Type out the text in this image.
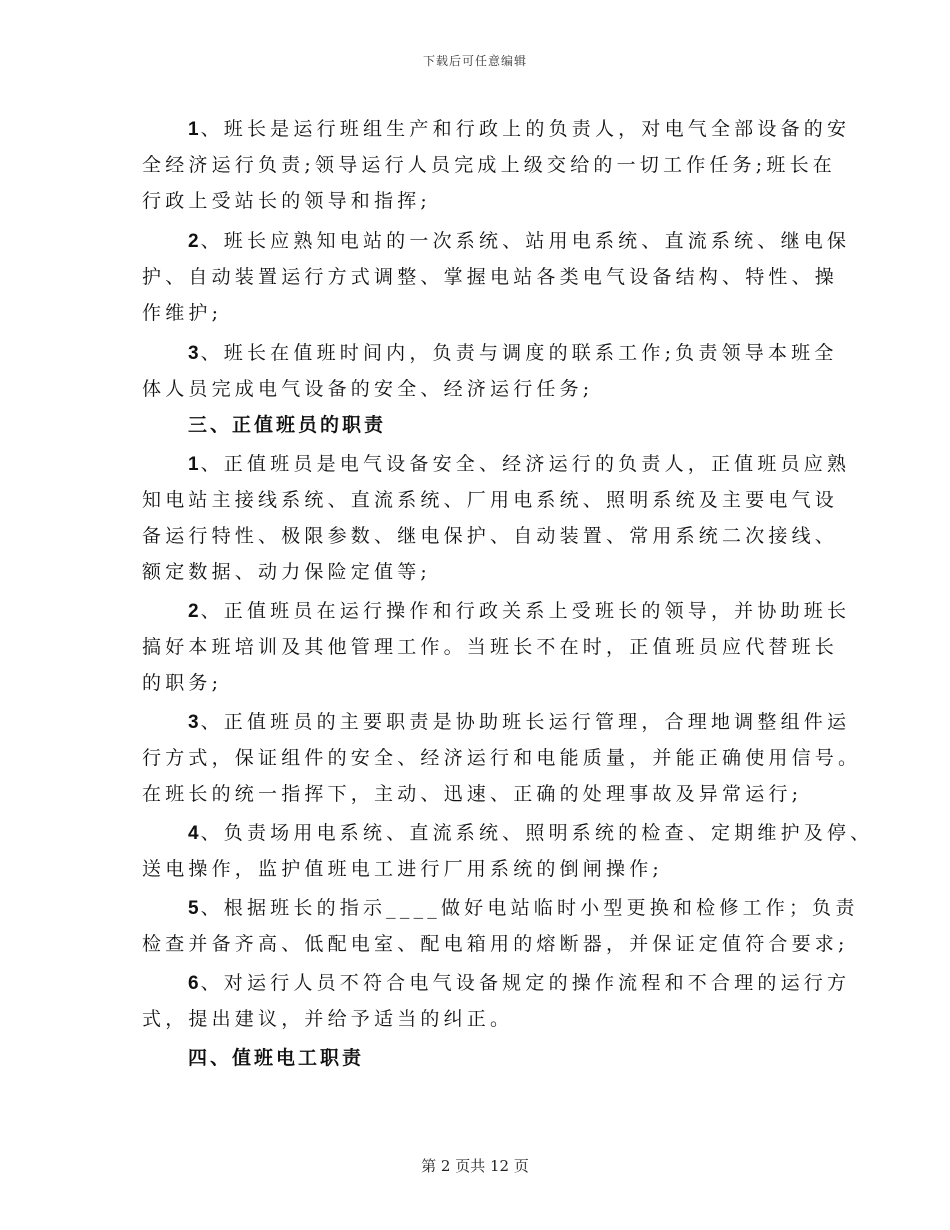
下载后可任意编辑
1 、班长是运行班组生产和行政上的负责人，对电气全部设备的安
全经济运行负责;领导运行人员完成上级交给的一切工作任务;班长在
行政上受站长的领导和指挥;
2 、班长应熟知电站的一次系统、站用电系统、直流系统、继电保
护、自动装置运行方式调整、掌握电站各类电气设备结构、特性、操
作维护;
3 、班长在值班时间内，负责与调度的联系工作;负责领导本班全
体人员完成电气设备的安全、经济运行任务;
三、正值班员的职责
1 、正值班员是电气设备安全、经济运行的负责人，正值班员应熟
知电站主接线系统、直流系统、厂用电系统、照明系统及主要电气设
备运行特性、极限参数、继电保护、自动装置、常用系统二次接线、
额定数据、动力保险定值等;
2 、正值班员在运行操作和行政关系上受班长的领导，并协助班长
搞好本班培训及其他管理工作。当班长不在时，正值班员应代替班长
的职务;
3 、正值班员的主要职责是协助班长运行管理，合理地调整组件运
行方式，保证组件的安全、经济运行和电能质量，并能正确使用信号。
在班长的统一指挥下，主动、迅速、正确的处理事故及异常运行;
4 、负责场用电系统、直流系统、照明系统的检查、定期维护及停、
送电操作，监护值班电工进行厂用系统的倒闸操作;
5 、根据班长的指示____做好电站临时小型更换和检修工作；负责
检查并备齐高、低配电室、配电箱用的熔断器，并保证定值符合要求;
6 、对运行人员不符合电气设备规定的操作流程和不合理的运行方
式，提出建议，并给予适当的纠正。
四、值班电工职责
第 2 页共 12 页
